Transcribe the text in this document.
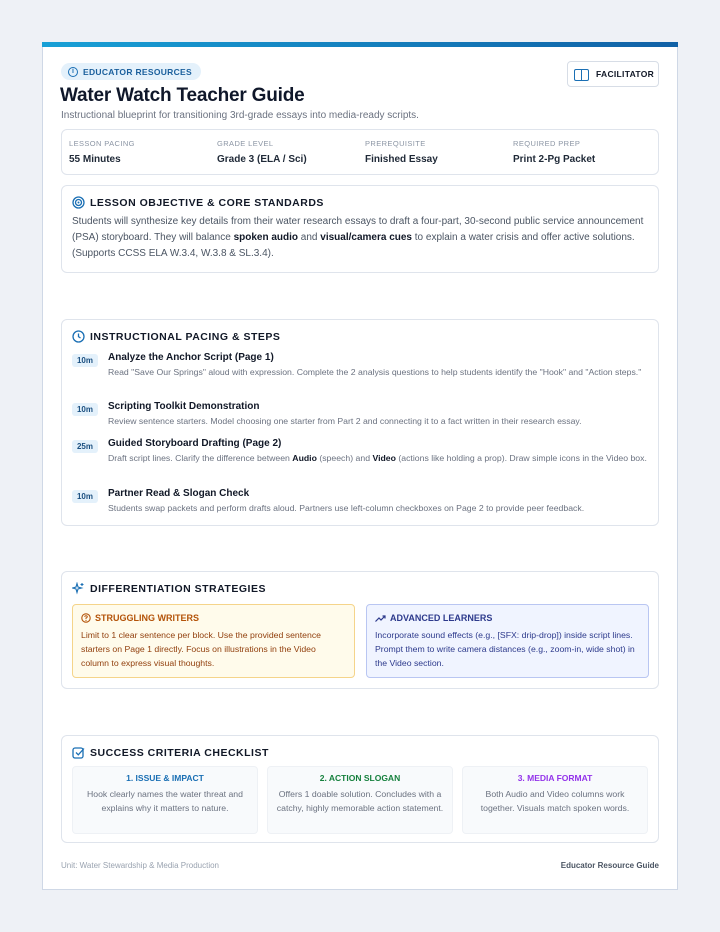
i	EDUCATOR RESOURCES	FACILITATOR
Water Watch Teacher Guide
Instructional blueprint for transitioning 3rd-grade essays into media-ready scripts.
LESSON PACING
55 Minutes
GRADE LEVEL
Grade 3 (ELA / Sci)
PREREQUISITE
Finished Essay
REQUIRED PREP
Print 2-Pg Packet
LESSON OBJECTIVE & CORE STANDARDS
Students will synthesize key details from their water research essays to draft a four-part, 30-second public service announcement (PSA) storyboard. They will balance spoken audio and visual/camera cues to explain a water crisis and offer active solutions. (Supports CCSS ELA W.3.4, W.3.8 & SL.3.4).
INSTRUCTIONAL PACING & STEPS
10m	Analyze the Anchor Script (Page 1)
Read "Save Our Springs" aloud with expression. Complete the 2 analysis questions to help students identify the "Hook" and "Action steps."
10m	Scripting Toolkit Demonstration
Review sentence starters. Model choosing one starter from Part 2 and connecting it to a fact written in their research essay.
25m	Guided Storyboard Drafting (Page 2)
Draft script lines. Clarify the difference between Audio (speech) and Video (actions like holding a prop). Draw simple icons in the Video box.
10m	Partner Read & Slogan Check
Students swap packets and perform drafts aloud. Partners use left-column checkboxes on Page 2 to provide peer feedback.
DIFFERENTIATION STRATEGIES
STRUGGLING WRITERS
Limit to 1 clear sentence per block. Use the provided sentence starters on Page 1 directly. Focus on illustrations in the Video column to express visual thoughts.
ADVANCED LEARNERS
Incorporate sound effects (e.g., [SFX: drip-drop]) inside script lines. Prompt them to write camera distances (e.g., zoom-in, wide shot) in the Video section.
SUCCESS CRITERIA CHECKLIST
1. ISSUE & IMPACT
Hook clearly names the water threat and explains why it matters to nature.
2. ACTION SLOGAN
Offers 1 doable solution. Concludes with a catchy, highly memorable action statement.
3. MEDIA FORMAT
Both Audio and Video columns work together. Visuals match spoken words.
Unit: Water Stewardship & Media Production	Educator Resource Guide
